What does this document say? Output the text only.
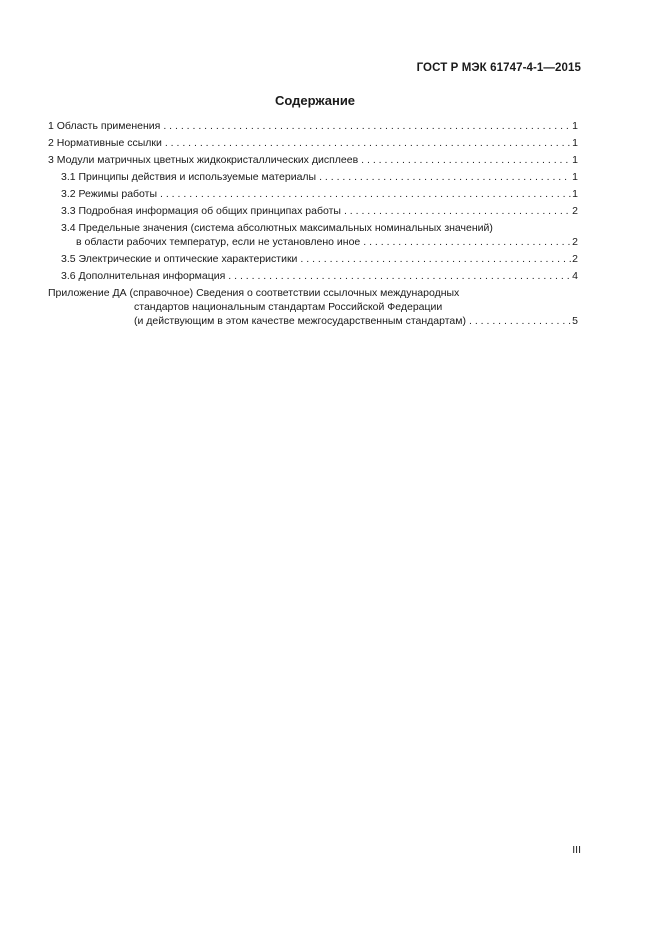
ГОСТ Р МЭК 61747-4-1—2015
Содержание
1 Область применения . . .	1
2 Нормативные ссылки . . .	1
3 Модули матричных цветных жидкокристаллических дисплеев . . .	1
3.1 Принципы действия и используемые материалы . . .	1
3.2 Режимы работы . . .	1
3.3 Подробная информация об общих принципах работы . . .	2
3.4 Предельные значения (система абсолютных максимальных номинальных значений)
в области рабочих температур, если не установлено иное . . .	2
3.5 Электрические и оптические характеристики . . .	2
3.6 Дополнительная информация . . .	4
Приложение ДА (справочное) Сведения о соответствии ссылочных международных
стандартов национальным стандартам Российской Федерации
(и действующим в этом качестве межгосударственным стандартам) . . .	5
III
